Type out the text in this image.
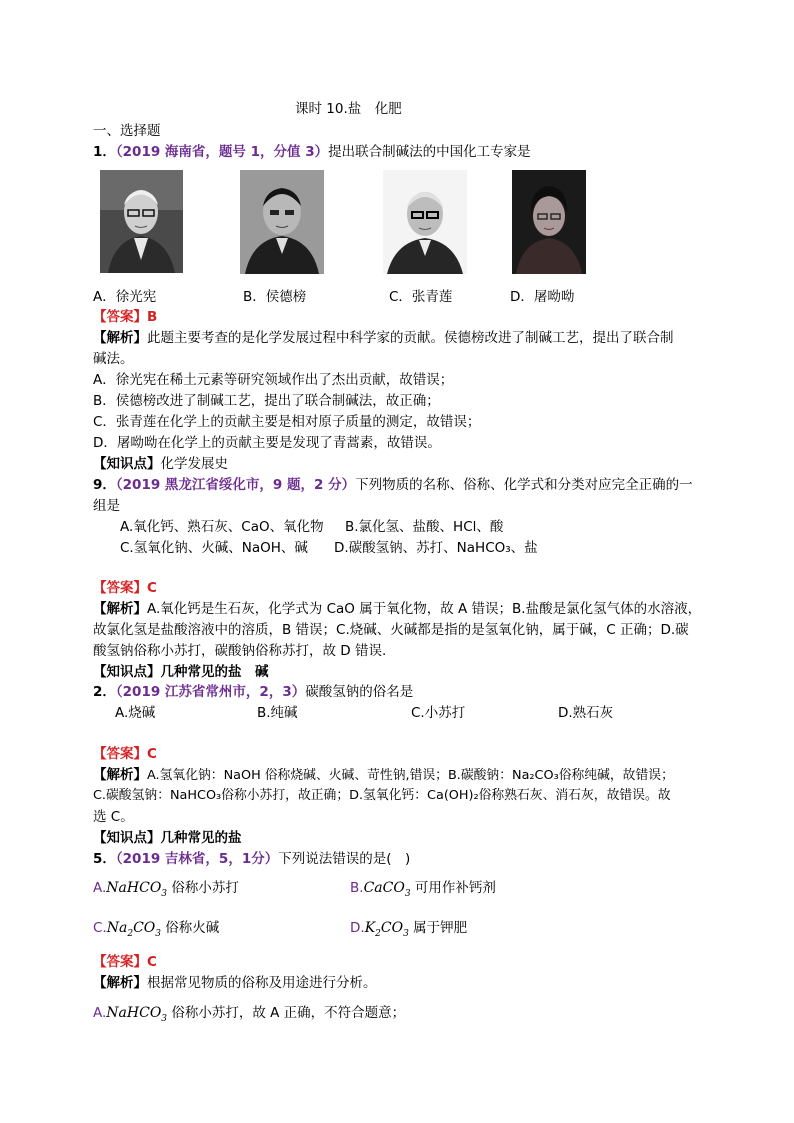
课时 10.盐　化肥
一、选择题
1．（2019 海南省，题号 1，分值 3）提出联合制碱法的中国化工专家是
A．徐光宪	B．侯德榜	C．张青莲	D．屠呦呦
【答案】B
【解析】此题主要考查的是化学发展过程中科学家的贡献。侯德榜改进了制碱工艺，提出了联合制
碱法。
A．徐光宪在稀土元素等研究领域作出了杰出贡献，故错误；
B．侯德榜改进了制碱工艺，提出了联合制碱法，故正确；
C．张青莲在化学上的贡献主要是相对原子质量的测定，故错误；
D．屠呦呦在化学上的贡献主要是发现了青蒿素，故错误。
【知识点】化学发展史
9．（2019 黑龙江省绥化市，9 题，2 分）下列物质的名称、俗称、化学式和分类对应完全正确的一
组是
A.氧化钙、熟石灰、CaO、氧化物 B.氯化氢、盐酸、HCl、酸
C.氢氧化钠、火碱、NaOH、碱 D.碳酸氢钠、苏打、NaHCO₃、盐
【答案】C
【解析】A.氧化钙是生石灰，化学式为 CaO 属于氧化物，故 A 错误；B.盐酸是氯化氢气体的水溶液，
故氯化氢是盐酸溶液中的溶质，B 错误；C.烧碱、火碱都是指的是氢氧化钠，属于碱，C 正确；D.碳
酸氢钠俗称小苏打，碳酸钠俗称苏打，故 D 错误.
【知识点】几种常见的盐　碱
2．（2019 江苏省常州市，2，3）碳酸氢钠的俗名是
A.烧碱	B.纯碱	C.小苏打	D.熟石灰
【答案】C
【解析】A.氢氧化钠：NaOH 俗称烧碱、火碱、苛性钠,错误；B.碳酸钠：Na₂CO₃俗称纯碱，故错误；
C.碳酸氢钠：NaHCO₃俗称小苏打，故正确；D.氢氧化钙：Ca(OH)₂俗称熟石灰、消石灰，故错误。故
选 C。
【知识点】几种常见的盐
5．（2019 吉林省，5，1分）下列说法错误的是(　)
A.NaHCO$_3$ 俗称小苏打	B.CaCO$_3$ 可用作补钙剂
$C.Na_2CO_3$ 俗称火碱	$D.K_2CO_3$ 属于钾肥
【答案】C
【解析】根据常见物质的俗称及用途进行分析。
A.NaHCO$_3$ 俗称小苏打，故 A 正确，不符合题意；
